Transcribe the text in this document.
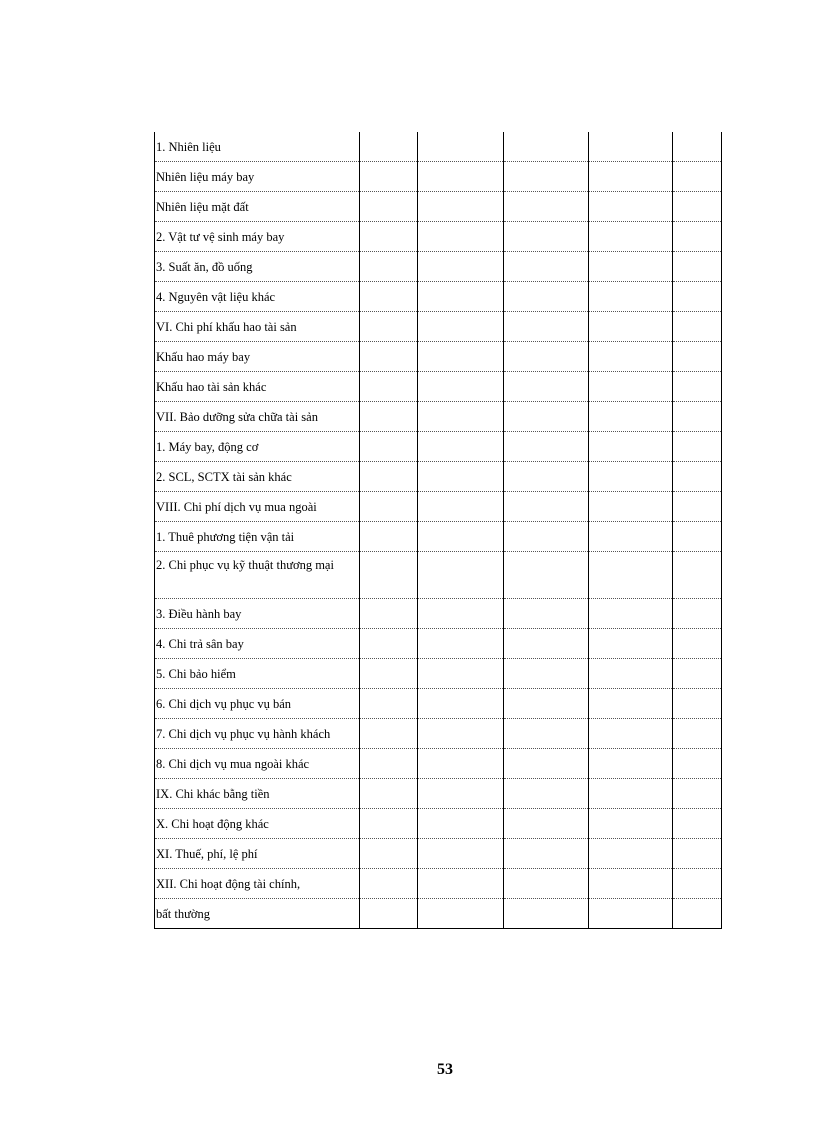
1. Nhiên liệu					
Nhiên liệu máy bay					
Nhiên liệu mặt đất					
2. Vật tư vệ sinh máy bay					
3. Suất ăn, đồ uống					
4. Nguyên vật liệu khác					
VI. Chi phí khấu hao tài sản					
Khấu hao máy bay					
Khấu hao tài sản khác					
VII. Bảo dưỡng sửa chữa tài sản					
1. Máy bay, động cơ					
2. SCL, SCTX tài sản khác					
VIII. Chi phí dịch vụ mua ngoài					
1. Thuê phương tiện vận tải					
2. Chi phục vụ kỹ thuật thương mại					
3. Điều hành bay					
4. Chi trả sân bay					
5. Chi bảo hiểm					
6. Chi dịch vụ phục vụ bán					
7. Chi dịch vụ phục vụ hành khách					
8. Chi dịch vụ mua ngoài khác					
IX. Chi khác bằng tiền					
X. Chi hoạt động khác					
XI. Thuế, phí, lệ phí					
XII. Chi hoạt động tài chính,					
bất thường					
53
